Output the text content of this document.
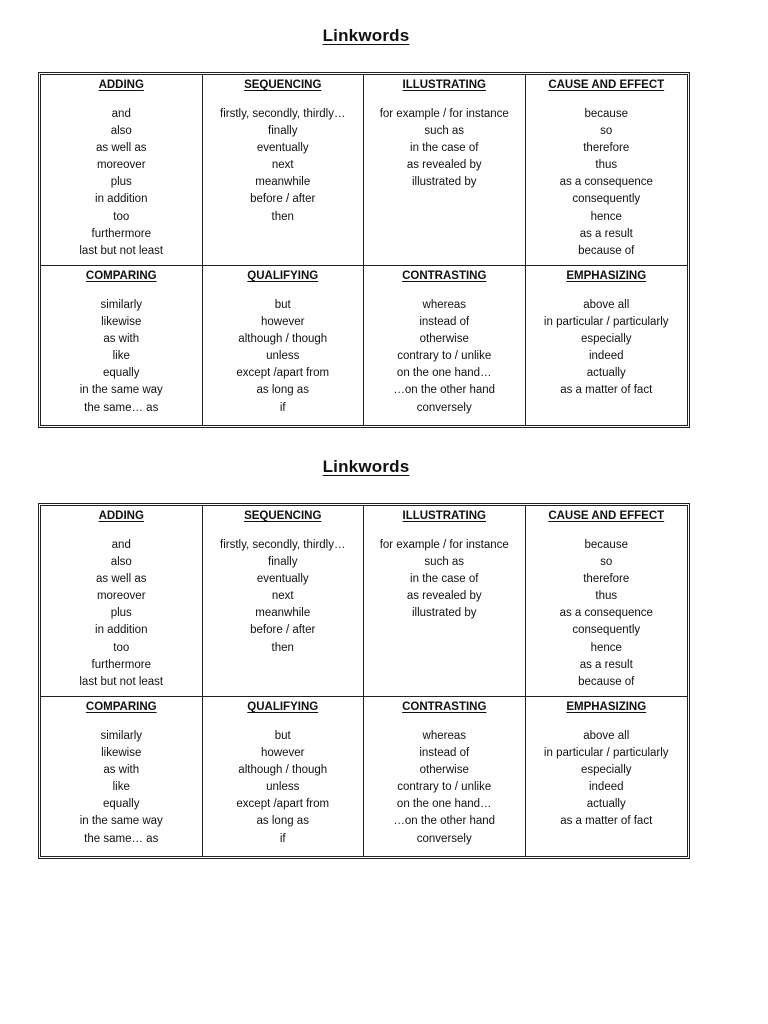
Linkwords
ADDING
and
also
as well as
moreover
plus
in addition
too
furthermore
last but not least
SEQUENCING
firstly, secondly, thirdly…
finally
eventually
next
meanwhile
before / after
then
ILLUSTRATING
for example / for instance
such as
in the case of
as revealed by
illustrated by
CAUSE AND EFFECT
because
so
therefore
thus
as a consequence
consequently
hence
as a result
because of
COMPARING
similarly
likewise
as with
like
equally
in the same way
the same… as
QUALIFYING
but
however
although / though
unless
except /apart from
as long as
if
CONTRASTING
whereas
instead of
otherwise
contrary to / unlike
on the one hand…
…on the other hand
conversely
EMPHASIZING
above all
in particular / particularly
especially
indeed
actually
as a matter of fact
Linkwords
ADDING
and
also
as well as
moreover
plus
in addition
too
furthermore
last but not least
SEQUENCING
firstly, secondly, thirdly…
finally
eventually
next
meanwhile
before / after
then
ILLUSTRATING
for example / for instance
such as
in the case of
as revealed by
illustrated by
CAUSE AND EFFECT
because
so
therefore
thus
as a consequence
consequently
hence
as a result
because of
COMPARING
similarly
likewise
as with
like
equally
in the same way
the same… as
QUALIFYING
but
however
although / though
unless
except /apart from
as long as
if
CONTRASTING
whereas
instead of
otherwise
contrary to / unlike
on the one hand…
…on the other hand
conversely
EMPHASIZING
above all
in particular / particularly
especially
indeed
actually
as a matter of fact
